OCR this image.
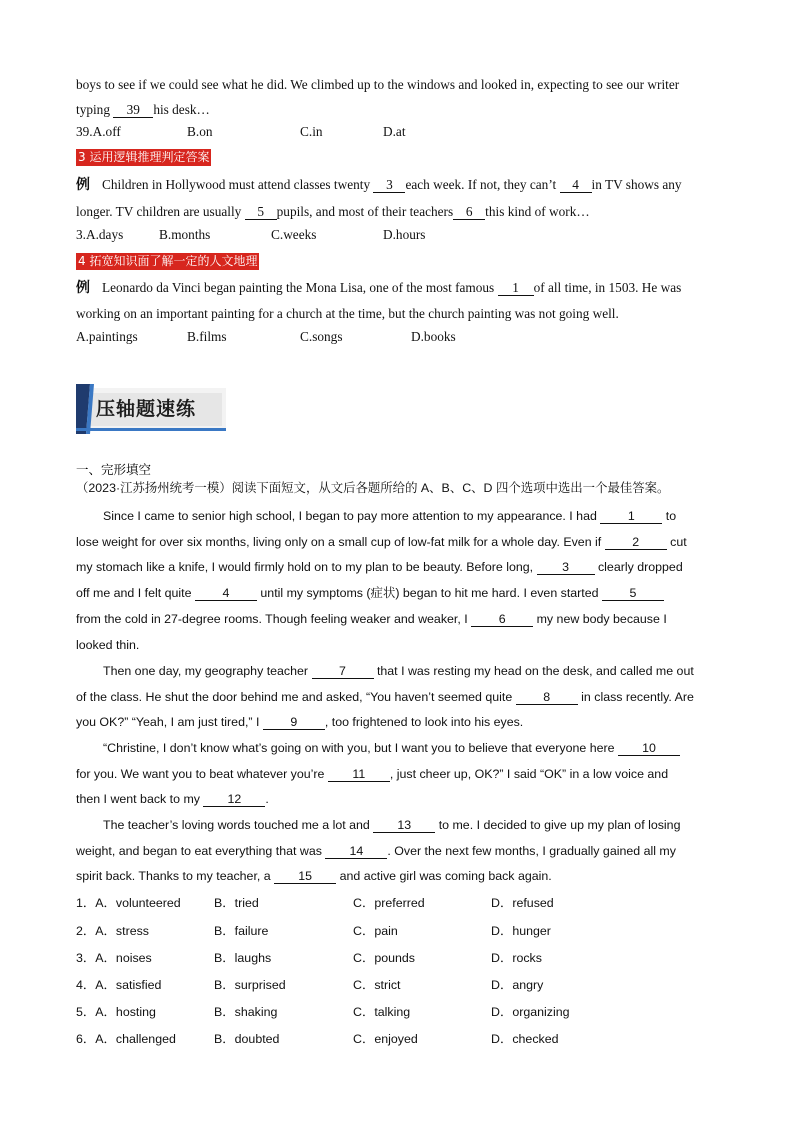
boys to see if we could see what he did. We climbed up to the windows and looked in, expecting to see our writer
typing 39 his desk…
39.A.off	B.on	C.in	D.at
3 运用逻辑推理判定答案
例 Children in Hollywood must attend classes twenty 3 each week. If not, they can’t 4 in TV shows any
longer. TV children are usually 5 pupils, and most of their teachers 6 this kind of work…
3.A.days	B.months	C.weeks	D.hours
4 拓宽知识面了解一定的人文地理
例 Leonardo da Vinci began painting the Mona Lisa, one of the most famous 1 of all time, in 1503. He was
working on an important painting for a church at the time, but the church painting was not going well.
A.paintings	B.films	C.songs	D.books
压轴题速练
一、完形填空
（2023·江苏扬州统考一模）阅读下面短文，从文后各题所给的 A、B、C、D 四个选项中选出一个最佳答案。
Since I came to senior high school, I began to pay more attention to my appearance. I had	1	to
lose weight for over six months, living only on a small cup of low-fat milk for a whole day. Even if	2	cut
my stomach like a knife, I would firmly hold on to my plan to be beauty. Before long, 3 clearly dropped
off me and I felt quite	4	until my symptoms (症状) began to hit me hard. I even started	5
from the cold in 27-degree rooms. Though feeling weaker and weaker, I	6	my new body because I
looked thin.
Then one day, my geography teacher	7	that I was resting my head on the desk, and called me out
of the class. He shut the door behind me and asked, “You haven’t seemed quite	8	in class recently. Are
you OK?” “Yeah, I am just tired,” I	9 , too frightened to look into his eyes.
“Christine, I don’t know what’s going on with you, but I want you to believe that everyone here 10
for you. We want you to beat whatever you’re 11 , just cheer up, OK?” I said “OK” in a low voice and
then I went back to my 12 .
The teacher’s loving words touched me a lot and 13 to me. I decided to give up my plan of losing
weight, and began to eat everything that was 14 . Over the next few months, I gradually gained all my
spirit back. Thanks to my teacher, a 15 and active girl was coming back again.
1．A．volunteered	B．tried	C．preferred	D．refused
2．A．stress	B．failure	C．pain	D．hunger
3．A．noises	B．laughs	C．pounds	D．rocks
4．A．satisfied	B．surprised	C．strict	D．angry
5．A．hosting	B．shaking	C．talking	D．organizing
6．A．challenged	B．doubted	C．enjoyed	D．checked
